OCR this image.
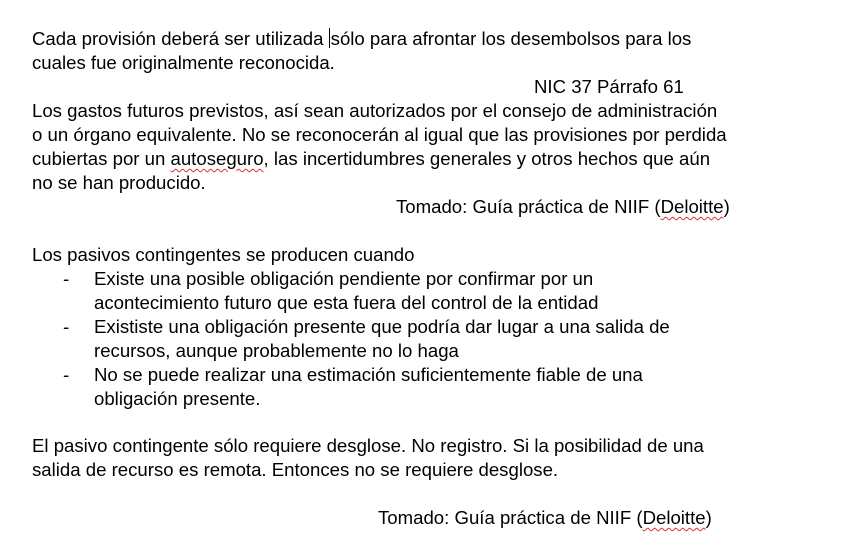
Cada provisión deberá ser utilizada sólo para afrontar los desembolsos para los
cuales fue originalmente reconocida.

NIC 37 Párrafo 61

Los gastos futuros previstos, así sean autorizados por el consejo de administración
o un órgano equivalente. No se reconocerán al igual que las provisiones por perdida
cubiertas por un autoseguro, las incertidumbres generales y otros hechos que aún
no se han producido.

Tomado: Guía práctica de NIIF (Deloitte)

Los pasivos contingentes se producen cuando

- Existe una posible obligación pendiente por confirmar por un
acontecimiento futuro que esta fuera del control de la entidad
- Exististe una obligación presente que podría dar lugar a una salida de
recursos, aunque probablemente no lo haga
- No se puede realizar una estimación suficientemente fiable de una
obligación presente.

El pasivo contingente sólo requiere desglose. No registro. Si la posibilidad de una
salida de recurso es remota. Entonces no se requiere desglose.

Tomado: Guía práctica de NIIF (Deloitte)
